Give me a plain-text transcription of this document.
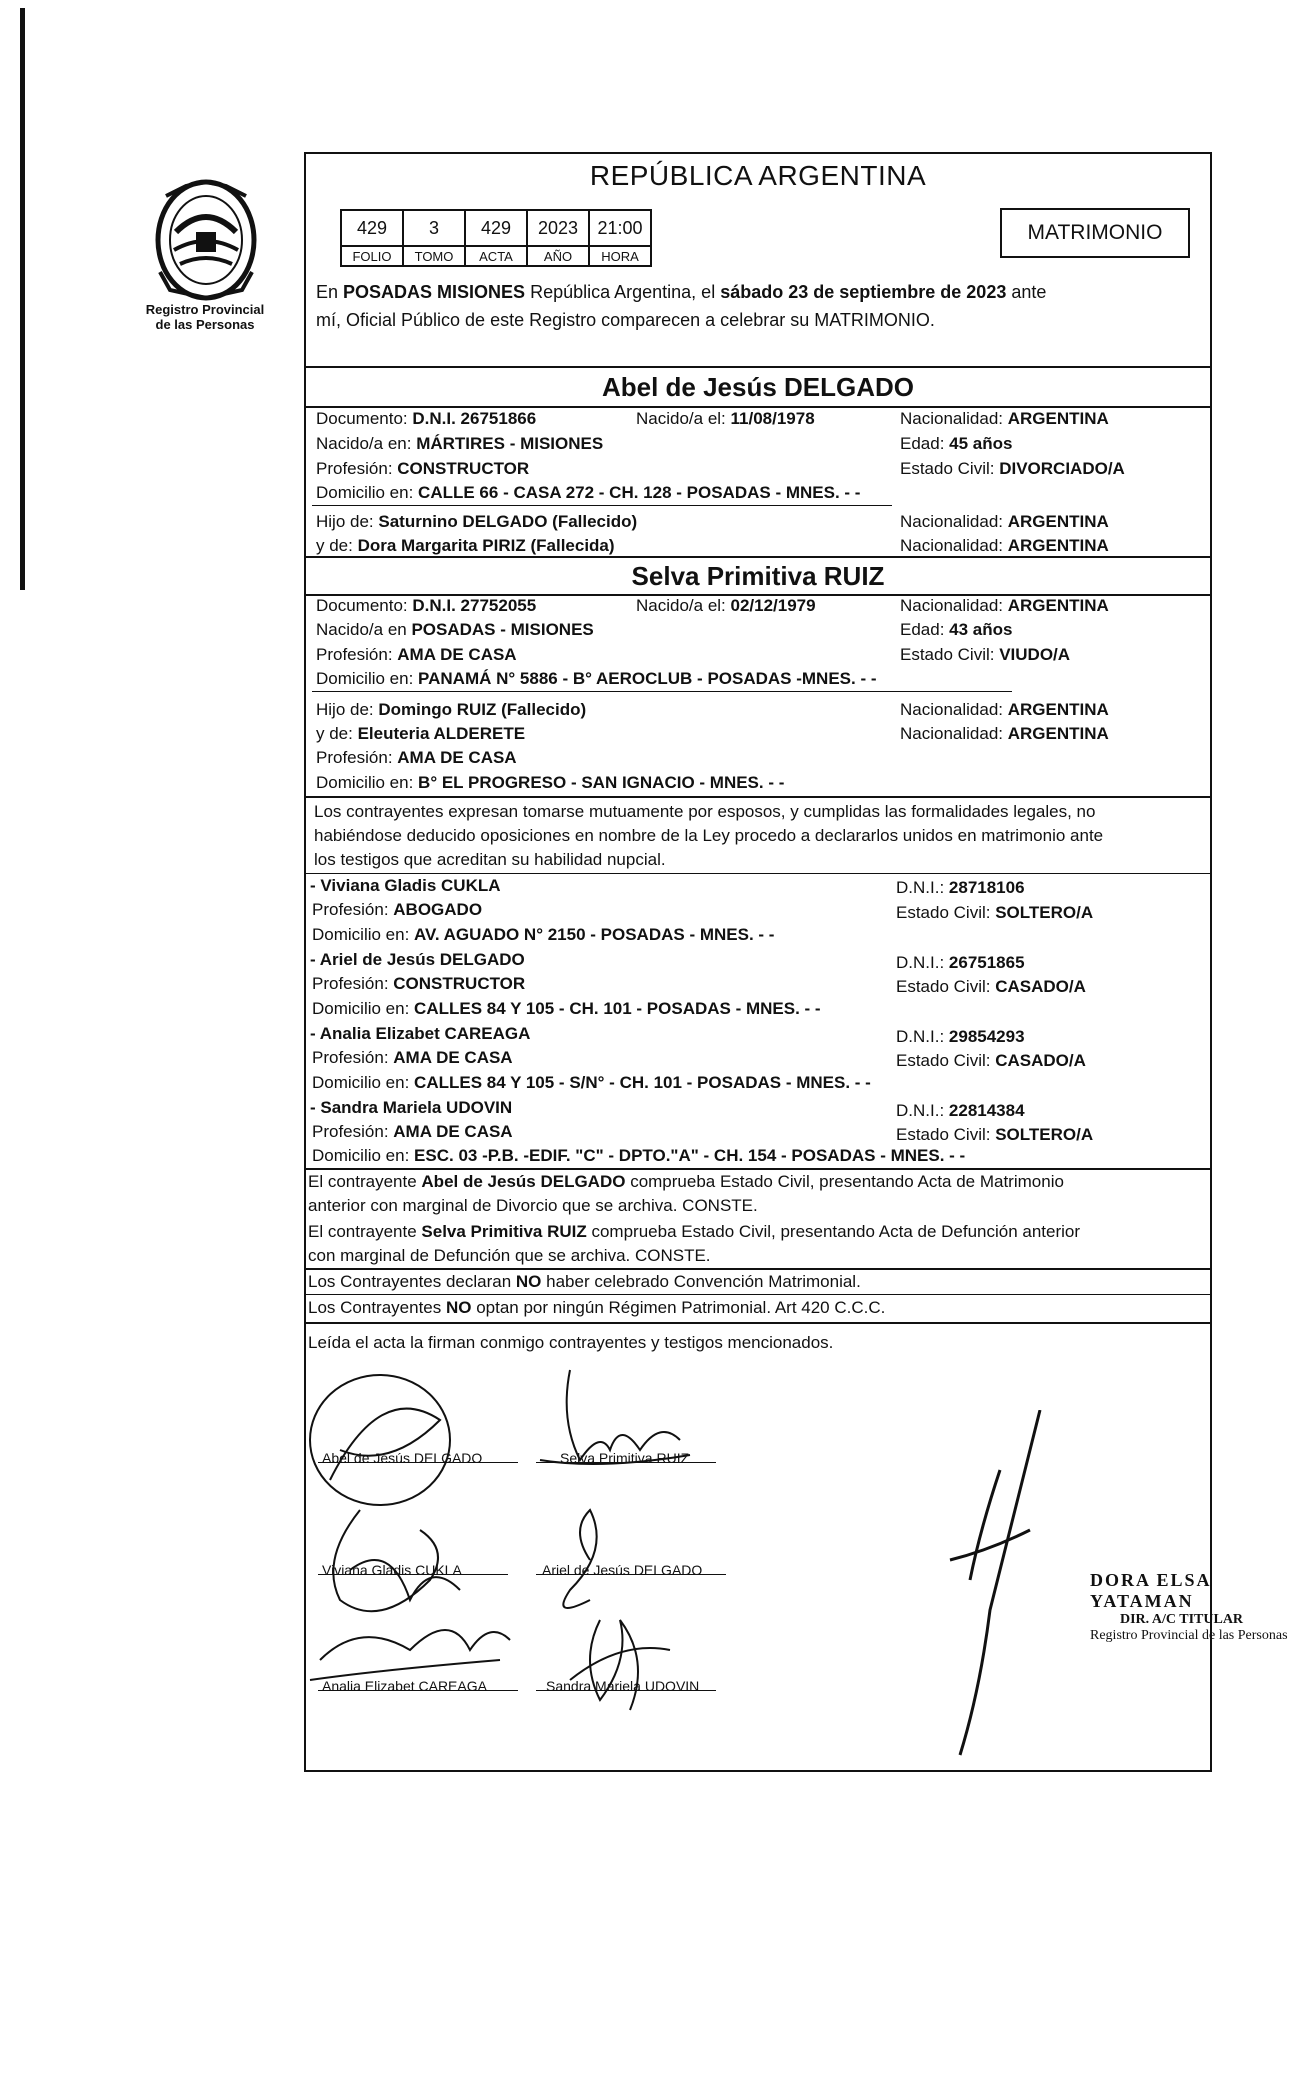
Registro Provincial
de las Personas
REPÚBLICA ARGENTINA
429	3	429	2023	21:00
FOLIO	TOMO	ACTA	AÑO	HORA
MATRIMONIO
En POSADAS MISIONES República Argentina, el sábado 23 de septiembre de 2023 ante
mí, Oficial Público de este Registro comparecen a celebrar su MATRIMONIO.
Abel de Jesús DELGADO
Documento: D.N.I. 26751866	Nacido/a el: 11/08/1978	Nacionalidad: ARGENTINA
Nacido/a en: MÁRTIRES - MISIONES	Edad: 45 años
Profesión: CONSTRUCTOR	Estado Civil: DIVORCIADO/A
Domicilio en: CALLE 66 - CASA 272 - CH. 128 - POSADAS - MNES. - -
Hijo de: Saturnino DELGADO (Fallecido)	Nacionalidad: ARGENTINA
y de: Dora Margarita PIRIZ (Fallecida)	Nacionalidad: ARGENTINA
Selva Primitiva RUIZ
Documento: D.N.I. 27752055	Nacido/a el: 02/12/1979	Nacionalidad: ARGENTINA
Nacido/a en POSADAS - MISIONES	Edad: 43 años
Profesión: AMA DE CASA	Estado Civil: VIUDO/A
Domicilio en: PANAMÁ N° 5886 - B° AEROCLUB - POSADAS -MNES. - -
Hijo de: Domingo RUIZ (Fallecido)	Nacionalidad: ARGENTINA
y de: Eleuteria ALDERETE	Nacionalidad: ARGENTINA
Profesión: AMA DE CASA
Domicilio en: B° EL PROGRESO - SAN IGNACIO - MNES. - -
Los contrayentes expresan tomarse mutuamente por esposos, y cumplidas las formalidades legales, no
habiéndose deducido oposiciones en nombre de la Ley procedo a declararlos unidos en matrimonio ante
los testigos que acreditan su habilidad nupcial.
- Viviana Gladis CUKLA	D.N.I.: 28718106
Profesión: ABOGADO	Estado Civil: SOLTERO/A
Domicilio en: AV. AGUADO N° 2150 - POSADAS - MNES. - -
- Ariel de Jesús DELGADO	D.N.I.: 26751865
Profesión: CONSTRUCTOR	Estado Civil: CASADO/A
Domicilio en: CALLES 84 Y 105 - CH. 101 - POSADAS - MNES. - -
- Analia Elizabet CAREAGA	D.N.I.: 29854293
Profesión: AMA DE CASA	Estado Civil: CASADO/A
Domicilio en: CALLES 84 Y 105 - S/N° - CH. 101 - POSADAS - MNES. - -
- Sandra Mariela UDOVIN	D.N.I.: 22814384
Profesión: AMA DE CASA	Estado Civil: SOLTERO/A
Domicilio en: ESC. 03 -P.B. -EDIF. "C" - DPTO."A" - CH. 154 - POSADAS - MNES. - -
El contrayente Abel de Jesús DELGADO comprueba Estado Civil, presentando Acta de Matrimonio
anterior con marginal de Divorcio que se archiva. CONSTE.
El contrayente Selva Primitiva RUIZ comprueba Estado Civil, presentando Acta de Defunción anterior
con marginal de Defunción que se archiva. CONSTE.
Los Contrayentes declaran NO haber celebrado Convención Matrimonial.
Los Contrayentes NO optan por ningún Régimen Patrimonial. Art 420 C.C.C.
Leída el acta la firman conmigo contrayentes y testigos mencionados.
Abel de Jesús DELGADO	Selva Primitiva RUIZ
Viviana Gladis CUKLA	Ariel de Jesús DELGADO
Analia Elizabet CAREAGA	Sandra Mariela UDOVIN
DORA ELSA YATAMAN
DIR. A/C TITULAR
Registro Provincial de las Personas
